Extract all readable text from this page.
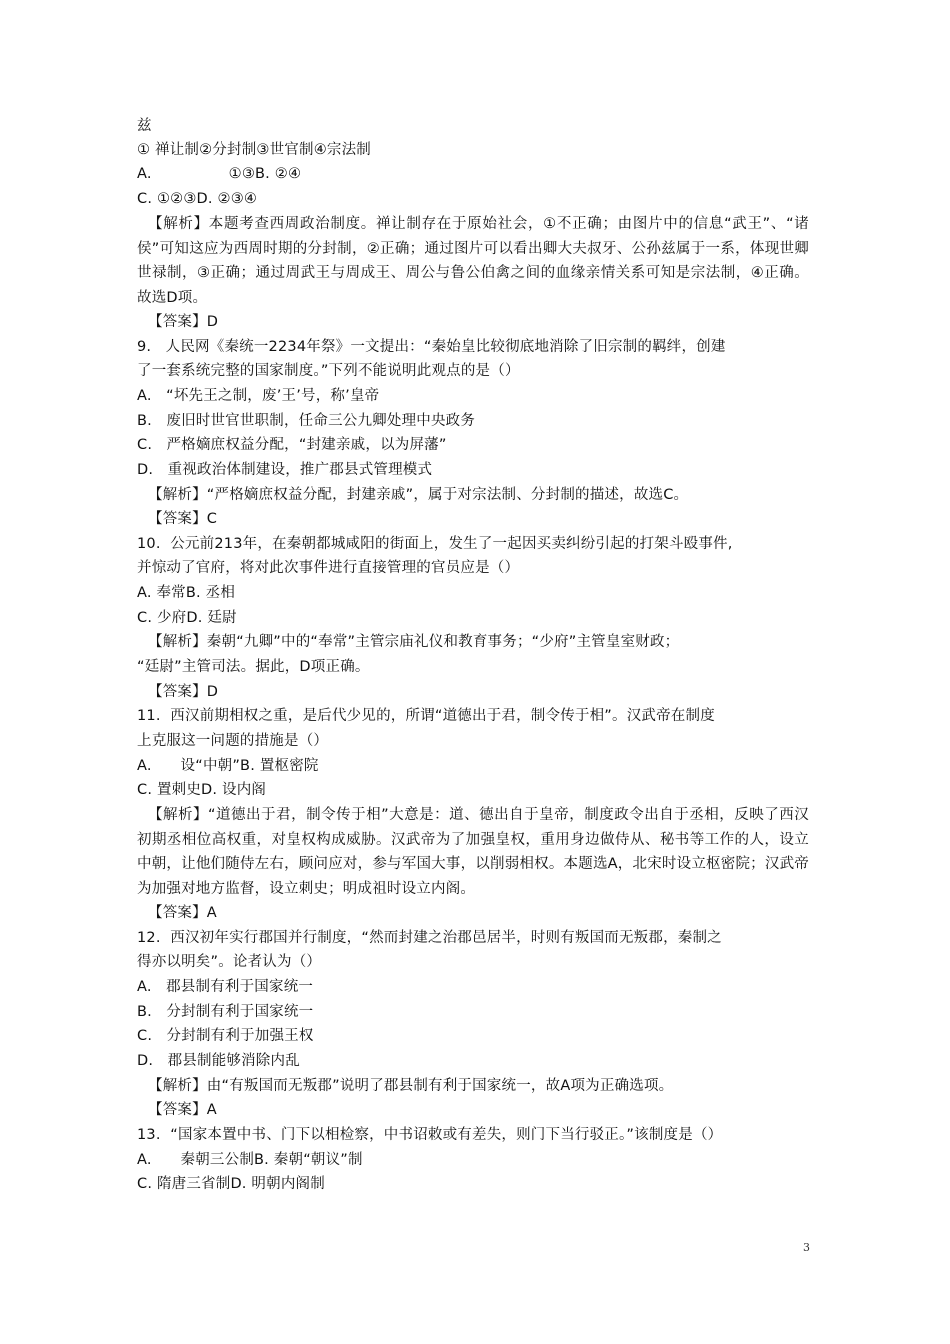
兹
① 禅让制②分封制③世官制④宗法制
A.                ①③B. ②④
C. ①②③D. ②③④
【解析】本题考查西周政治制度。禅让制存在于原始社会，①不正确；由图片中的信息“武王”、“诸侯”可知这应为西周时期的分封制，②正确；通过图片可以看出卿大夫叔牙、公孙兹属于一系，体现世卿世禄制，③正确；通过周武王与周成王、周公与鲁公伯禽之间的血缘亲情关系可知是宗法制，④正确。故选D项。
【答案】D
9.   人民网《秦统一2234年祭》一文提出：“秦始皇比较彻底地消除了旧宗制的羁绊，创建
了一套系统完整的国家制度。”下列不能说明此观点的是（）
A.   “坏先王之制，废’王’号，称’皇帝
B.   废旧时世官世职制，任命三公九卿处理中央政务
C.   严格嫡庶权益分配，“封建亲戚，以为屏藩”
D.   重视政治体制建设，推广郡县式管理模式
【解析】“严格嫡庶权益分配，封建亲戚”，属于对宗法制、分封制的描述，故选C。
【答案】C
10.  公元前213年，在秦朝都城咸阳的街面上，发生了一起因买卖纠纷引起的打架斗殴事件,
并惊动了官府，将对此次事件进行直接管理的官员应是（）
A. 奉常B. 丞相
C. 少府D. 廷尉
【解析】秦朝“九卿”中的“奉常”主管宗庙礼仪和教育事务；“少府”主管皇室财政；
“廷尉”主管司法。据此，D项正确。
【答案】D
11.  西汉前期相权之重，是后代少见的，所谓“道德出于君，制令传于相”。汉武帝在制度
上克服这一问题的措施是（）
A.      设“中朝”B. 置枢密院
C. 置刺史D. 设内阁
【解析】“道德出于君，制令传于相”大意是：道、德出自于皇帝，制度政令出自于丞相，反映了西汉初期丞相位高权重，对皇权构成威胁。汉武帝为了加强皇权，重用身边做侍从、秘书等工作的人，设立中朝，让他们随侍左右，顾问应对，参与军国大事，以削弱相权。本题选A，北宋时设立枢密院；汉武帝为加强对地方监督，设立刺史；明成祖时设立内阁。
【答案】A
12.  西汉初年实行郡国并行制度，“然而封建之治郡邑居半，时则有叛国而无叛郡，秦制之
得亦以明矣”。论者认为（）
A.   郡县制有利于国家统一
B.   分封制有利于国家统一
C.   分封制有利于加强王权
D.   郡县制能够消除内乱
【解析】由“有叛国而无叛郡”说明了郡县制有利于国家统一，故A项为正确选项。
【答案】A
13.  “国家本置中书、门下以相检察，中书诏敕或有差失，则门下当行驳正。”该制度是（）
A.      秦朝三公制B. 秦朝“朝议”制
C. 隋唐三省制D. 明朝内阁制
3
